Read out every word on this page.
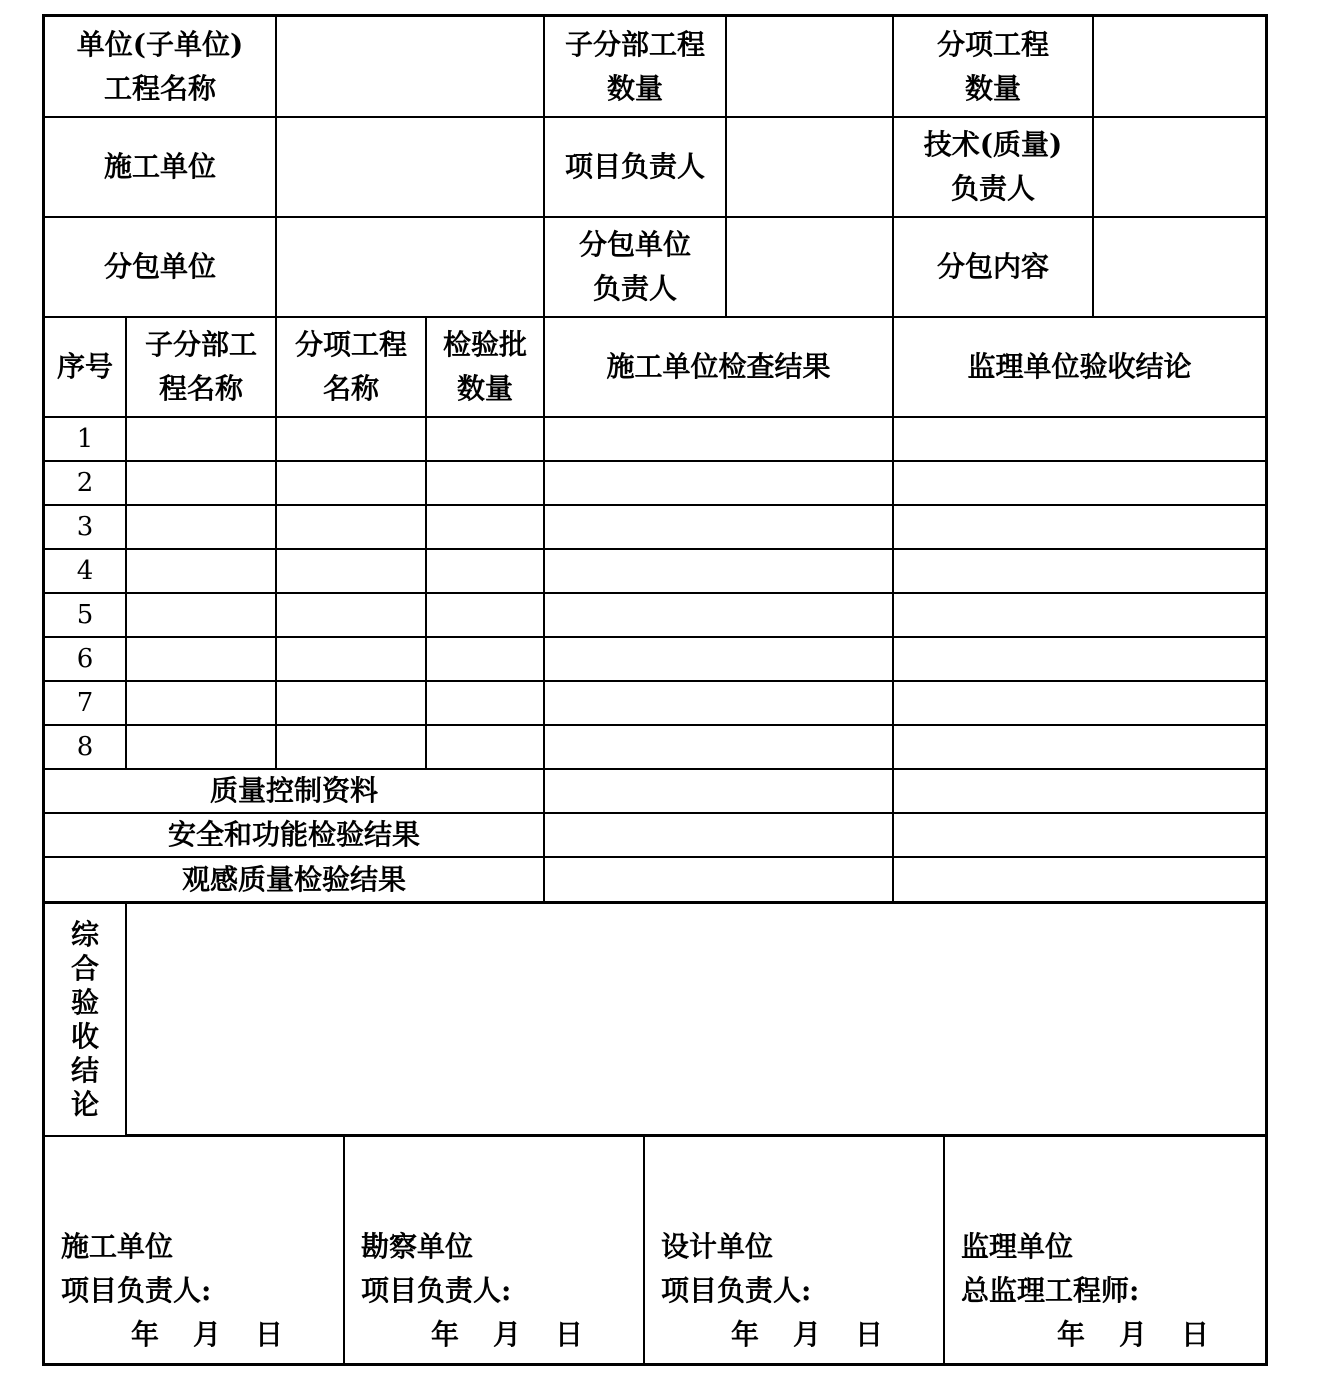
单位(子单位)
工程名称
子分部工程
数量
分项工程
数量
施工单位	项目负责人
技术(质量)
负责人
分包单位
分包单位
负责人
分包内容
序号
子分部工
程名称
分项工程
名称
检验批
数量
施工单位检查结果	监理单位验收结论
1
2
3
4
5
6
7
8
质量控制资料
安全和功能检验结果
观感质量检验结果
综
合
验
收
结
论
施工单位
项目负责人:
年 月 日
勘察单位
项目负责人:
年 月 日
设计单位
项目负责人:
年 月 日
监理单位
总监理工程师:
年 月 日
